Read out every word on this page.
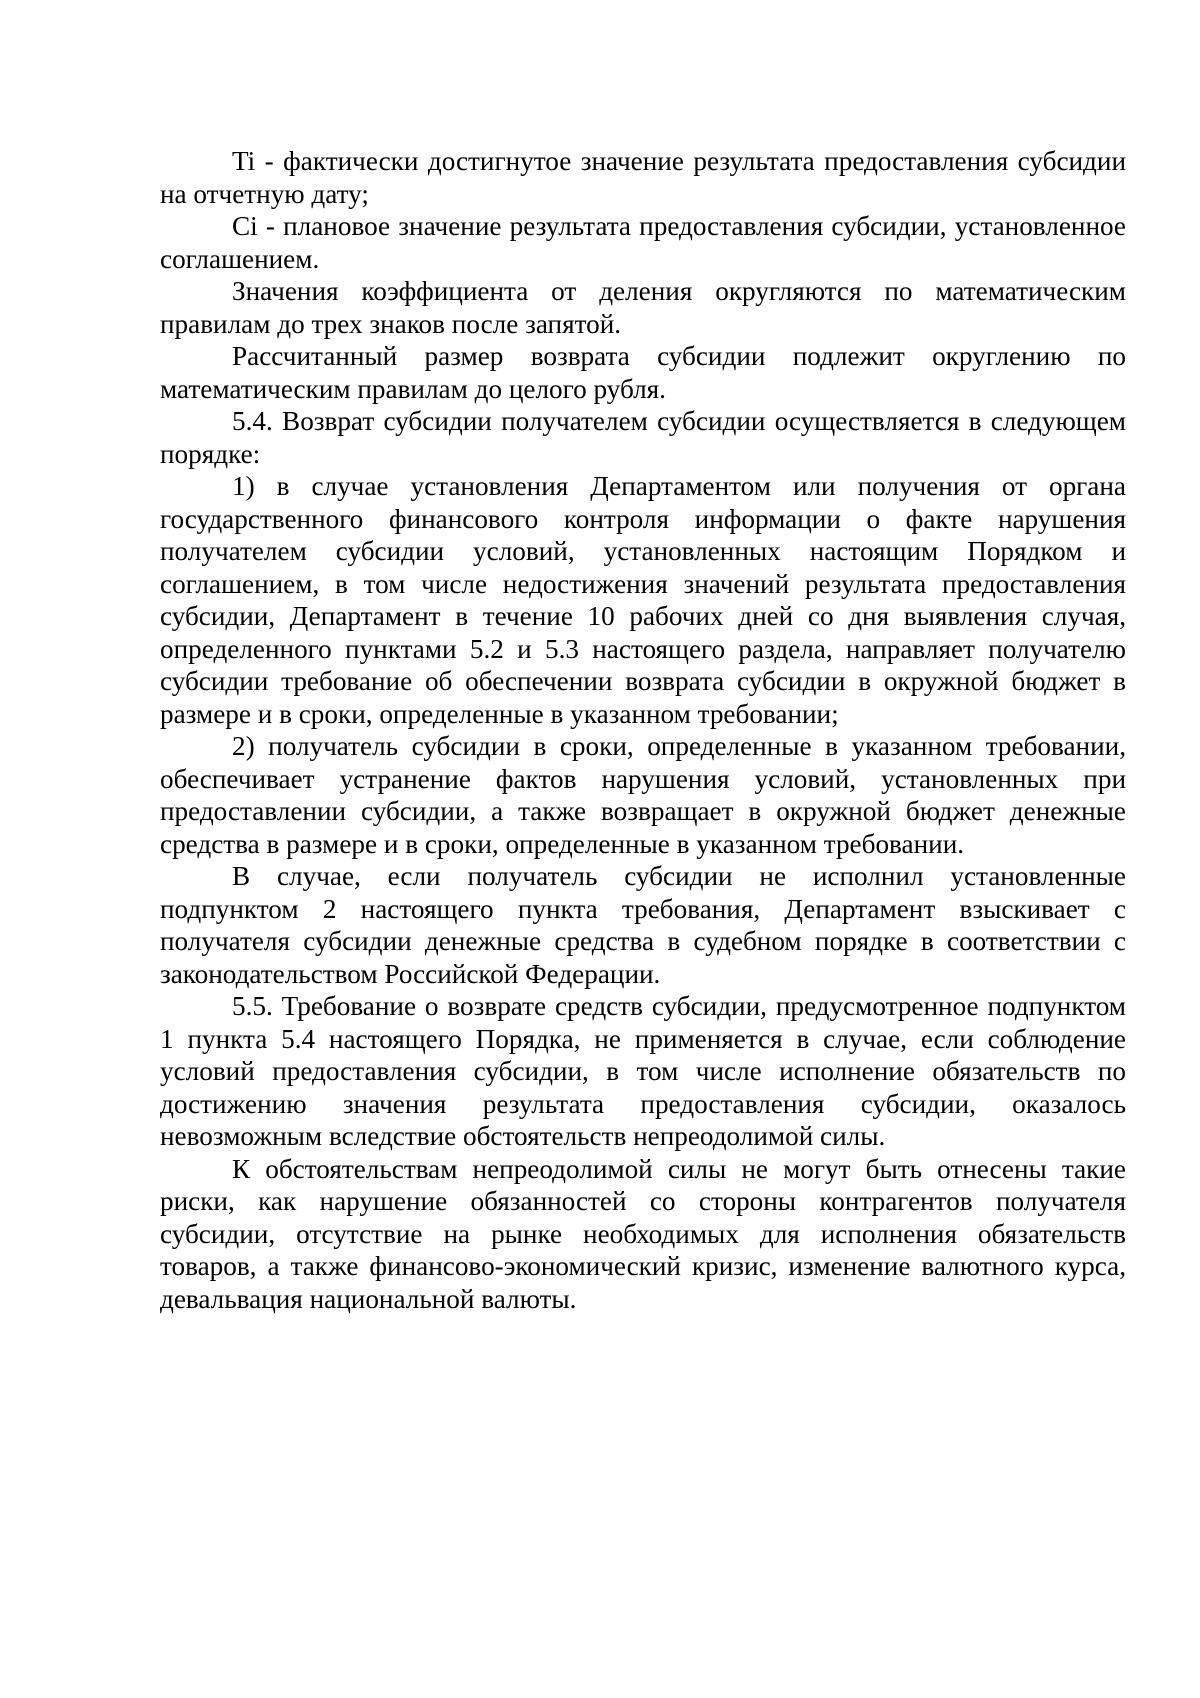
Ti - фактически достигнутое значение результата предоставления субсидии на отчетную дату;

Ci - плановое значение результата предоставления субсидии, установленное соглашением.

Значения коэффициента от деления округляются по математическим правилам до трех знаков после запятой.

Рассчитанный размер возврата субсидии подлежит округлению по математическим правилам до целого рубля.

5.4. Возврат субсидии получателем субсидии осуществляется в следующем порядке:

1) в случае установления Департаментом или получения от органа государственного финансового контроля информации о факте нарушения получателем субсидии условий, установленных настоящим Порядком и соглашением, в том числе недостижения значений результата предоставления субсидии, Департамент в течение 10 рабочих дней со дня выявления случая, определенного пунктами 5.2 и 5.3 настоящего раздела, направляет получателю субсидии требование об обеспечении возврата субсидии в окружной бюджет в размере и в сроки, определенные в указанном требовании;

2) получатель субсидии в сроки, определенные в указанном требовании, обеспечивает устранение фактов нарушения условий, установленных при предоставлении субсидии, а также возвращает в окружной бюджет денежные средства в размере и в сроки, определенные в указанном требовании.

В случае, если получатель субсидии не исполнил установленные подпунктом 2 настоящего пункта требования, Департамент взыскивает с получателя субсидии денежные средства в судебном порядке в соответствии с законодательством Российской Федерации.

5.5. Требование о возврате средств субсидии, предусмотренное подпунктом 1 пункта 5.4 настоящего Порядка, не применяется в случае, если соблюдение условий предоставления субсидии, в том числе исполнение обязательств по достижению значения результата предоставления субсидии, оказалось невозможным вследствие обстоятельств непреодолимой силы.

К обстоятельствам непреодолимой силы не могут быть отнесены такие риски, как нарушение обязанностей со стороны контрагентов получателя субсидии, отсутствие на рынке необходимых для исполнения обязательств товаров, а также финансово-экономический кризис, изменение валютного курса, девальвация национальной валюты.
